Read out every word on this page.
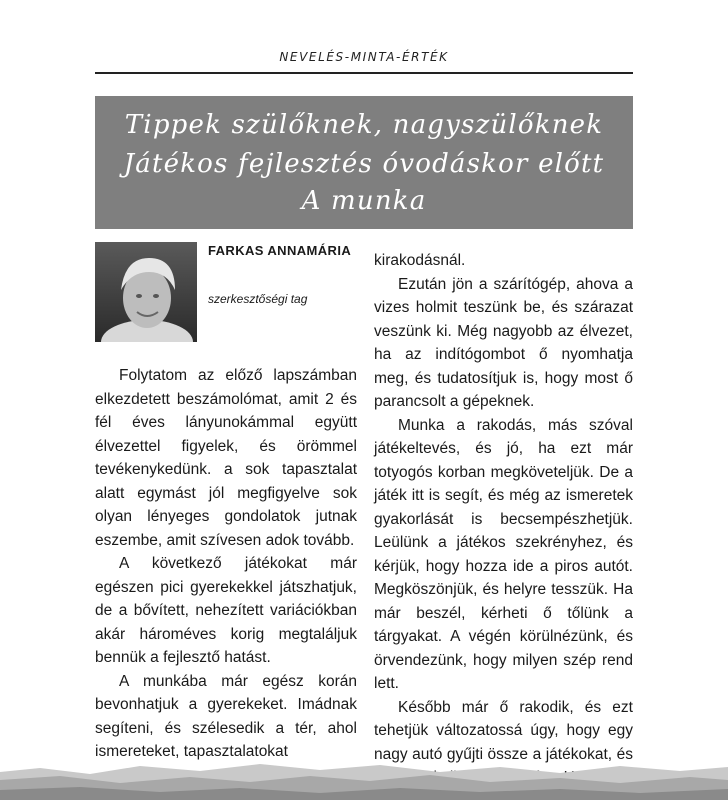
NEVELÉS-MINTA-ÉRTÉK
Tippek szülőknek, nagyszülőknek
Játékos fejlesztés óvodáskor előtt
A munka
FARKAS ANNAMÁRIA
szerkesztőségi tag

Folytatom az előző lapszámban elkezdetett beszámolómat, amit 2 és fél éves lányunokámmal együtt élvezettel figyelek, és örömmel tevékenykedünk. a sok tapasztalat alatt egymást jól megfigyelve sok olyan lényeges gondolatok jutnak eszembe, amit szívesen adok tovább.

A következő játékokat már egészen pici gyerekekkel játszhatjuk, de a bővített, nehezített variációkban akár hároméves korig megtaláljuk bennük a fejlesztő hatást.

A munkába már egész korán bevonhatjuk a gyerekeket. Imádnak segíteni, és szélesedik a tér, ahol ismereteket, tapasztalatokat

kirakodásnál.

Ezután jön a szárítógép, ahova a vizes holmit teszünk be, és szárazat veszünk ki. Még nagyobb az élvezet, ha az indítógombot ő nyomhatja meg, és tudatosítjuk is, hogy most ő parancsolt a gépeknek.

Munka a rakodás, más szóval játékeltevés, és jó, ha ezt már totyogós korban megköveteljük. De a játék itt is segít, és még az ismeretek gyakorlását is becsempészhetjük. Leülünk a játékos szekrényhez, és kérjük, hogy hozza ide a piros autót. Megköszönjük, és helyre tesszük. Ha már beszél, kérheti ő tőlünk a tárgyakat. A végén körülnézünk, és örvendezünk, hogy milyen szép rend lett.

Később már ő rakodik, és ezt tehetjük változatossá úgy, hogy egy nagy autó gyűjti össze a játékokat, és
